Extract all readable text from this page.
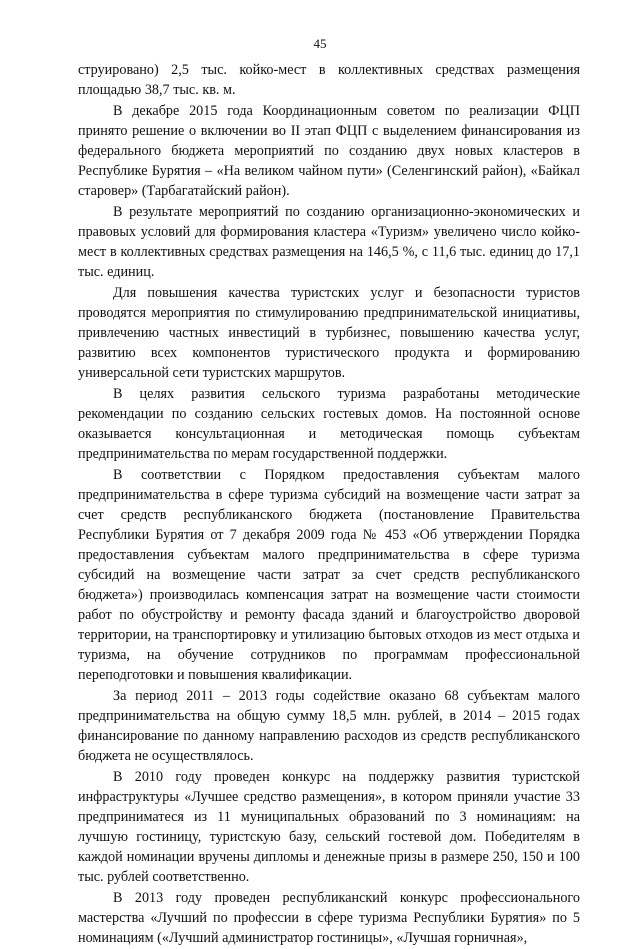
45

струировано) 2,5 тыс. койко-мест в коллективных средствах размещения площадью 38,7 тыс. кв. м.

В декабре 2015 года Координационным советом по реализации ФЦП принято решение о включении во II этап ФЦП с выделением финансирования из федерального бюджета мероприятий по созданию двух новых кластеров в Республике Бурятия – «На великом чайном пути» (Селенгинский район), «Байкал старовер» (Тарбагатайский район).

В результате мероприятий по созданию организационно-экономических и правовых условий для формирования кластера «Туризм» увеличено число койко-мест в коллективных средствах размещения на 146,5 %, с 11,6 тыс. единиц до 17,1 тыс. единиц.

Для повышения качества туристских услуг и безопасности туристов проводятся мероприятия по стимулированию предпринимательской инициативы, привлечению частных инвестиций в турбизнес, повышению качества услуг, развитию всех компонентов туристического продукта и формированию универсальной сети туристских маршрутов.

В целях развития сельского туризма разработаны методические рекомендации по созданию сельских гостевых домов. На постоянной основе оказывается консультационная и методическая помощь субъектам предпринимательства по мерам государственной поддержки.

В соответствии с Порядком предоставления субъектам малого предпринимательства в сфере туризма субсидий на возмещение части затрат за счет средств республиканского бюджета (постановление Правительства Республики Бурятия от 7 декабря 2009 года № 453 «Об утверждении Порядка предоставления субъектам малого предпринимательства в сфере туризма субсидий на возмещение части затрат за счет средств республиканского бюджета») производилась компенсация затрат на возмещение части стоимости работ по обустройству и ремонту фасада зданий и благоустройство дворовой территории, на транспортировку и утилизацию бытовых отходов из мест отдыха и туризма, на обучение сотрудников по программам профессиональной переподготовки и повышения квалификации.

За период 2011 – 2013 годы содействие оказано 68 субъектам малого предпринимательства на общую сумму 18,5 млн. рублей, в 2014 – 2015 годах финансирование по данному направлению расходов из средств республиканского бюджета не осуществлялось.

В 2010 году проведен конкурс на поддержку развития туристской инфраструктуры «Лучшее средство размещения», в котором приняли участие 33 предприниматеся из 11 муниципальных образований по 3 номинациям: на лучшую гостиницу, туристскую базу, сельский гостевой дом. Победителям в каждой номинации вручены дипломы и денежные призы в размере 250, 150 и 100 тыс. рублей соответственно.

В 2013 году проведен республиканский конкурс профессионального мастерства «Лучший по профессии в сфере туризма Республики Бурятия» по 5 номинациям («Лучший администратор гостиницы», «Лучшая горничная»,
